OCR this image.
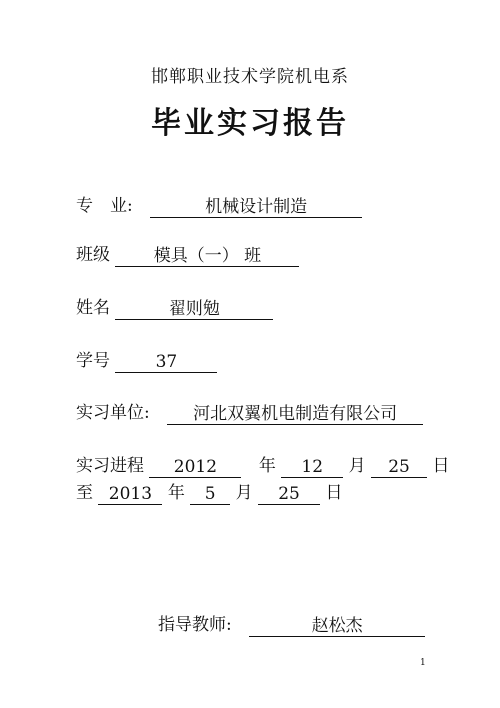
邯郸职业技术学院机电系
毕业实习报告
专　业:	机械设计制造
班级	模具（一） 班
姓名	翟则勉
学号	37
实习单位:	河北双翼机电制造有限公司
实习进程 2012 年 12 月 25 日
至 2013 年 5 月 25 日
指导教师:	赵松杰
1
